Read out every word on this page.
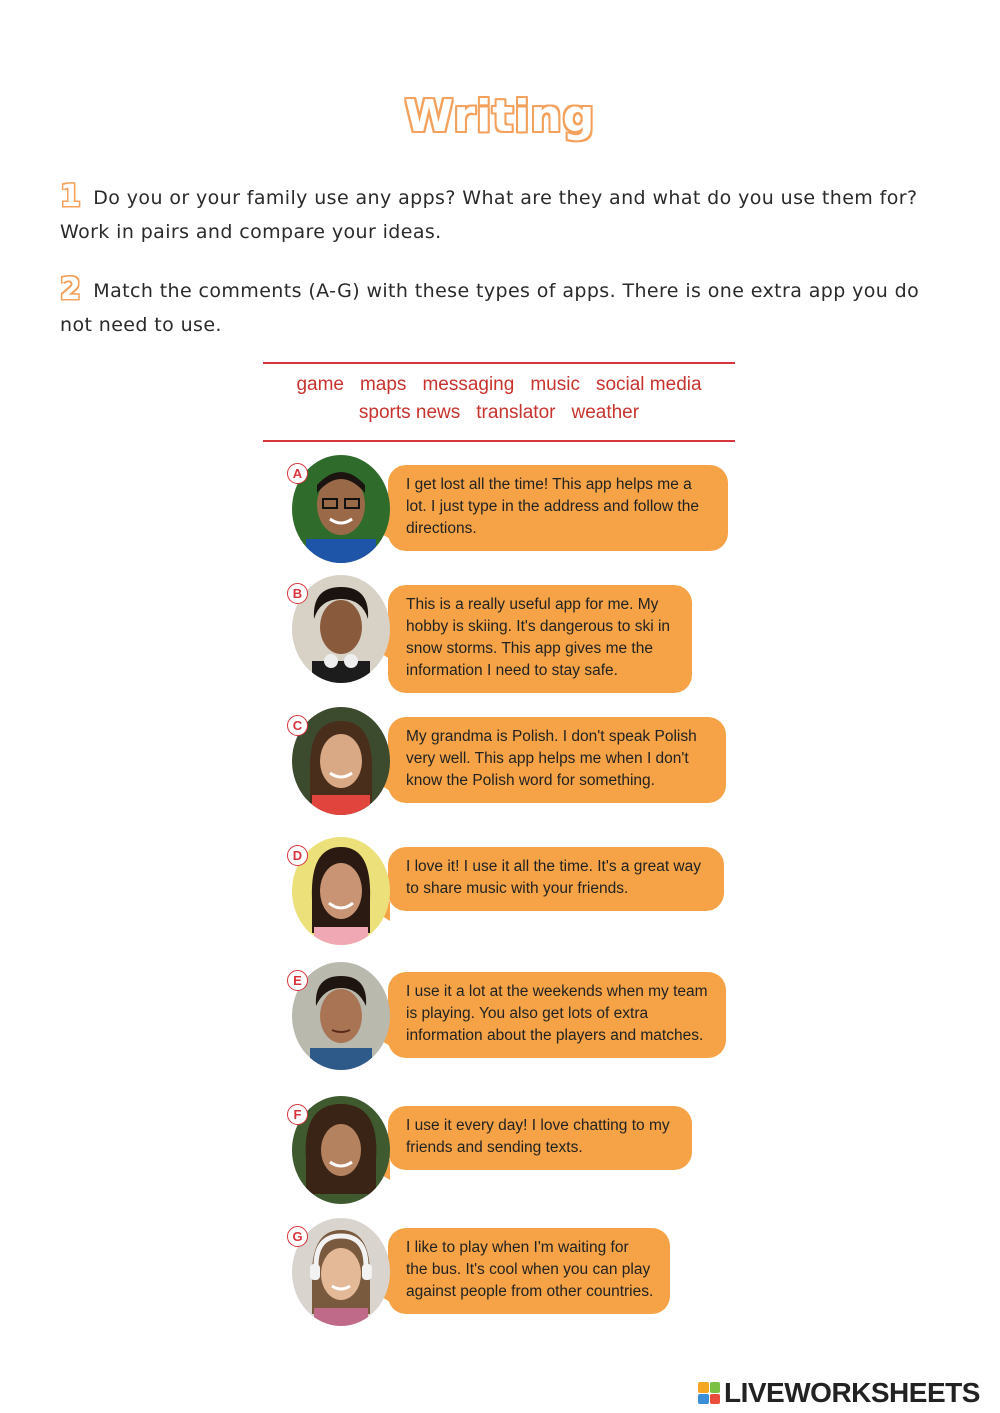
Writing
1 Do you or your family use any apps? What are they and what do you use them for? Work in pairs and compare your ideas.
2 Match the comments (A-G) with these types of apps. There is one extra app you do not need to use.
game maps messaging music social media
sports news translator weather
A
I get lost all the time! This app helps me a lot. I just type in the address and follow the directions.
B
This is a really useful app for me. My hobby is skiing. It's dangerous to ski in snow storms. This app gives me the information I need to stay safe.
C
My grandma is Polish. I don't speak Polish very well. This app helps me when I don't know the Polish word for something.
D
I love it! I use it all the time. It's a great way to share music with your friends.
E
I use it a lot at the weekends when my team is playing. You also get lots of extra information about the players and matches.
F
I use it every day! I love chatting to my friends and sending texts.
G
I like to play when I'm waiting for the bus. It's cool when you can play against people from other countries.
LIVEWORKSHEETS
